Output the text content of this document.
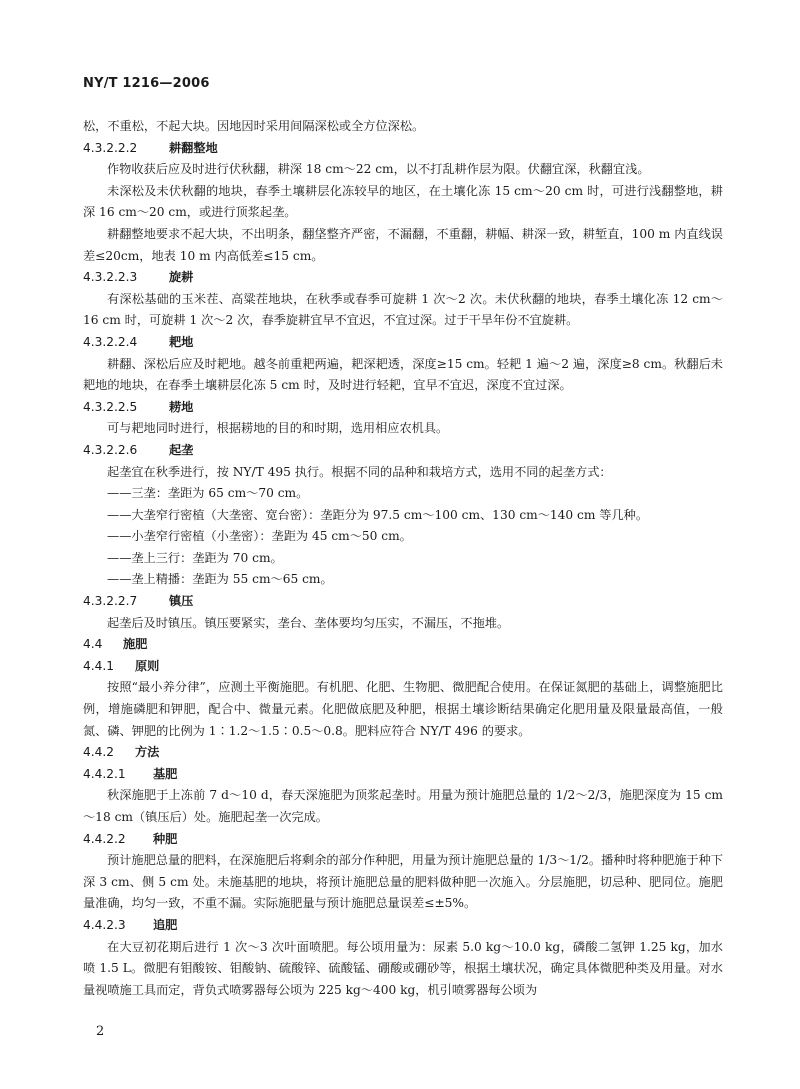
NY/T 1216—2006

松，不重松，不起大块。因地因时采用间隔深松或全方位深松。

4.3.2.2.2	耕翻整地

作物收获后应及时进行伏秋翻，耕深 18 cm～22 cm，以不打乱耕作层为限。伏翻宜深，秋翻宜浅。

未深松及未伏秋翻的地块，春季土壤耕层化冻较早的地区，在土壤化冻 15 cm～20 cm 时，可进行浅翻整地，耕深 16 cm～20 cm，或进行顶浆起垄。

耕翻整地要求不起大块，不出明条，翻垡整齐严密，不漏翻，不重翻，耕幅、耕深一致，耕堑直，100 m 内直线误差≤20cm，地表 10 m 内高低差≤15 cm。

4.3.2.2.3	旋耕

有深松基础的玉米茬、高粱茬地块，在秋季或春季可旋耕 1 次～2 次。未伏秋翻的地块，春季土壤化冻 12 cm～16 cm 时，可旋耕 1 次～2 次，春季旋耕宜早不宜迟，不宜过深。过于干旱年份不宜旋耕。

4.3.2.2.4	耙地

耕翻、深松后应及时耙地。越冬前重耙两遍，耙深耙透，深度≥15 cm。轻耙 1 遍～2 遍，深度≥8 cm。秋翻后未耙地的地块，在春季土壤耕层化冻 5 cm 时，及时进行轻耙，宜早不宜迟，深度不宜过深。

4.3.2.2.5	耢地

可与耙地同时进行，根据耢地的目的和时期，选用相应农机具。

4.3.2.2.6	起垄

起垄宜在秋季进行，按 NY/T 495 执行。根据不同的品种和栽培方式，选用不同的起垄方式：

——三垄：垄距为 65 cm～70 cm。

——大垄窄行密植（大垄密、宽台密）：垄距分为 97.5 cm～100 cm、130 cm～140 cm 等几种。

——小垄窄行密植（小垄密）：垄距为 45 cm～50 cm。

——垄上三行：垄距为 70 cm。

——垄上精播：垄距为 55 cm～65 cm。

4.3.2.2.7	镇压

起垄后及时镇压。镇压要紧实，垄台、垄体要均匀压实，不漏压，不拖堆。

4.4 施肥

4.4.1 原则

按照“最小养分律”，应测土平衡施肥。有机肥、化肥、生物肥、微肥配合使用。在保证氮肥的基础上，调整施肥比例，增施磷肥和钾肥，配合中、微量元素。化肥做底肥及种肥，根据土壤诊断结果确定化肥用量及限量最高值，一般氮、磷、钾肥的比例为 1∶1.2～1.5∶0.5～0.8。肥料应符合 NY/T 496 的要求。

4.4.2 方法

4.4.2.1 基肥

秋深施肥于上冻前 7 d～10 d，春天深施肥为顶浆起垄时。用量为预计施肥总量的 1/2～2/3，施肥深度为 15 cm～18 cm（镇压后）处。施肥起垄一次完成。

4.4.2.2 种肥

预计施肥总量的肥料，在深施肥后将剩余的部分作种肥，用量为预计施肥总量的 1/3～1/2。播种时将种肥施于种下深 3 cm、侧 5 cm 处。未施基肥的地块，将预计施肥总量的肥料做种肥一次施入。分层施肥，切忌种、肥同位。施肥量准确，均匀一致，不重不漏。实际施肥量与预计施肥总量误差≤±5%。

4.4.2.3 追肥

在大豆初花期后进行 1 次～3 次叶面喷肥。每公顷用量为：尿素 5.0 kg～10.0 kg，磷酸二氢钾 1.25 kg，加水喷 1.5 L。微肥有钼酸铵、钼酸钠、硫酸锌、硫酸锰、硼酸或硼砂等，根据土壤状况，确定具体微肥种类及用量。对水量视喷施工具而定，背负式喷雾器每公顷为 225 kg～400 kg，机引喷雾器每公顷为

2
